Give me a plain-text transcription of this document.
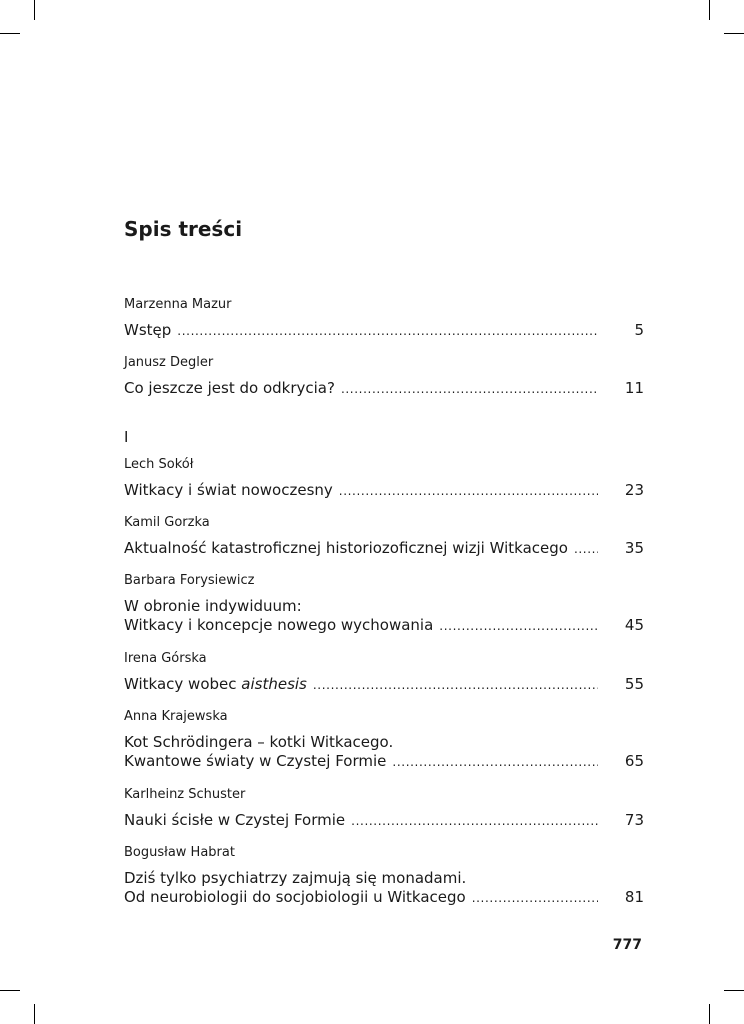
Spis treści
Marzenna Mazur
Wstęp . . .	5
Janusz Degler
Co jeszcze jest do odkrycia? . . .	11
I
Lech Sokół
Witkacy i świat nowoczesny . . .	23
Kamil Gorzka
Aktualność katastroficznej historiozoficznej wizji Witkacego . . .	35
Barbara Forysiewicz
W obronie indywiduum:
Witkacy i koncepcje nowego wychowania . . .	45
Irena Górska
Witkacy wobec aisthesis . . .	55
Anna Krajewska
Kot Schrödingera – kotki Witkacego.
Kwantowe światy w Czystej Formie . . .	65
Karlheinz Schuster
Nauki ścisłe w Czystej Formie . . .	73
Bogusław Habrat
Dziś tylko psychiatrzy zajmują się monadami.
Od neurobiologii do socjobiologii u Witkacego . . .	81
777
